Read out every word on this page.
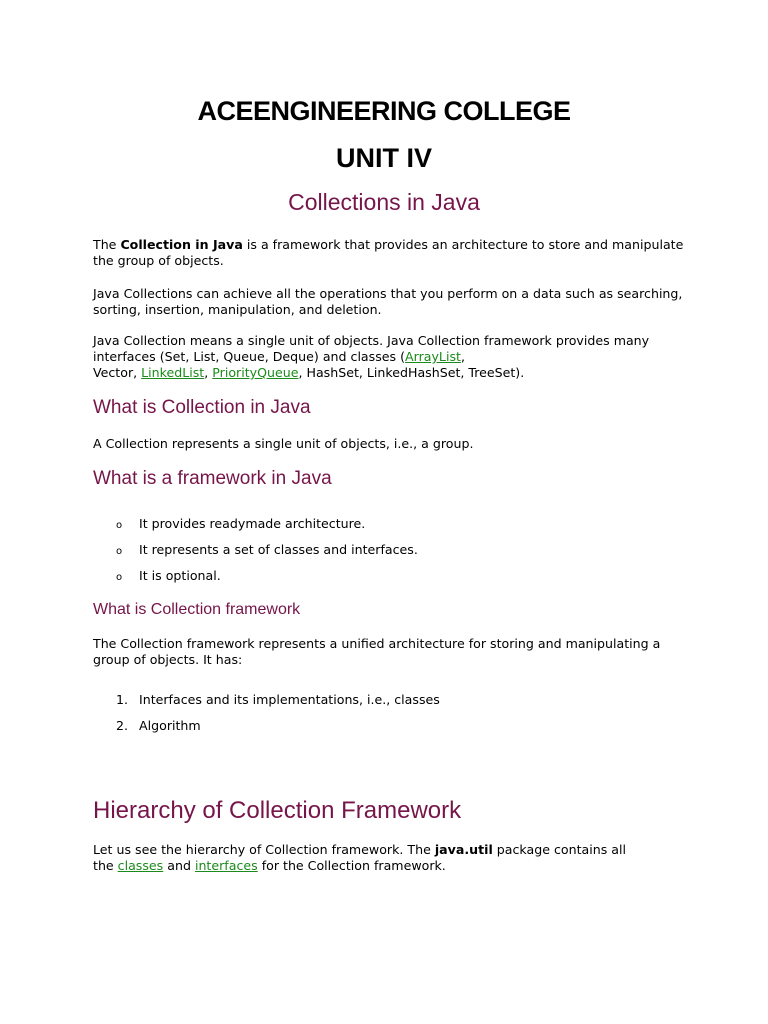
ACEENGINEERING COLLEGE
UNIT IV
Collections in Java
The Collection in Java is a framework that provides an architecture to store and manipulate the group of objects.
Java Collections can achieve all the operations that you perform on a data such as searching, sorting, insertion, manipulation, and deletion.
Java Collection means a single unit of objects. Java Collection framework provides many interfaces (Set, List, Queue, Deque) and classes (ArrayList,
Vector, LinkedList, PriorityQueue, HashSet, LinkedHashSet, TreeSet).
What is Collection in Java
A Collection represents a single unit of objects, i.e., a group.
What is a framework in Java
o It provides readymade architecture.
o It represents a set of classes and interfaces.
o It is optional.
What is Collection framework
The Collection framework represents a unified architecture for storing and manipulating a group of objects. It has:
1. Interfaces and its implementations, i.e., classes
2. Algorithm
Hierarchy of Collection Framework
Let us see the hierarchy of Collection framework. The java.util package contains all
the classes and interfaces for the Collection framework.
